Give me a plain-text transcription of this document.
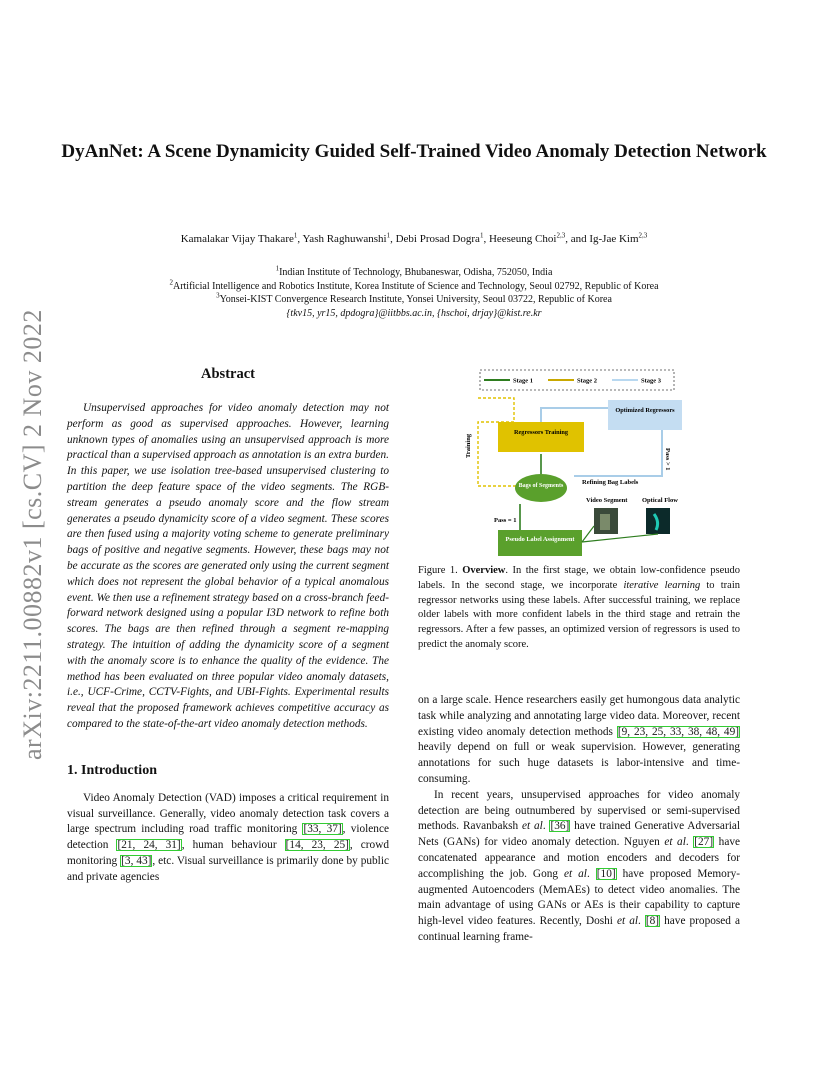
arXiv:2211.00882v1 [cs.CV] 2 Nov 2022
DyAnNet: A Scene Dynamicity Guided Self-Trained Video Anomaly Detection Network
Kamalakar Vijay Thakare$^1$, Yash Raghuwanshi$^1$, Debi Prosad Dogra$^1$, Heeseung Choi$^{2,3}$, and Ig-Jae Kim$^{2,3}$
$^1$Indian Institute of Technology, Bhubaneswar, Odisha, 752050, India
$^2$Artificial Intelligence and Robotics Institute, Korea Institute of Science and Technology, Seoul 02792, Republic of Korea
$^3$Yonsei-KIST Convergence Research Institute, Yonsei University, Seoul 03722, Republic of Korea
{tkv15, yr15, dpdogra}@iitbbs.ac.in, {hschoi, drjay}@kist.re.kr
Abstract

Unsupervised approaches for video anomaly detection may not perform as good as supervised approaches. However, learning unknown types of anomalies using an unsupervised approach is more practical than a supervised approach as annotation is an extra burden. In this paper, we use isolation tree-based unsupervised clustering to partition the deep feature space of the video segments. The RGB- stream generates a pseudo anomaly score and the flow stream generates a pseudo dynamicity score of a video segment. These scores are then fused using a majority voting scheme to generate preliminary bags of positive and negative segments. However, these bags may not be accurate as the scores are generated only using the current segment which does not represent the global behavior of a typical anomalous event. We then use a refinement strategy based on a cross-branch feed-forward network designed using a popular I3D network to refine both scores. The bags are then refined through a segment re-mapping strategy. The intuition of adding the dynamicity score of a segment with the anomaly score is to enhance the quality of the evidence. The method has been evaluated on three popular video anomaly datasets, i.e., UCF-Crime, CCTV-Fights, and UBI-Fights. Experimental results reveal that the proposed framework achieves competitive accuracy as compared to the state-of-the-art video anomaly detection methods.

1. Introduction

Video Anomaly Detection (VAD) imposes a critical requirement in visual surveillance. Generally, video anomaly detection task covers a large spectrum including road traffic monitoring [33, 37], violence detection [21, 24, 31], human behaviour [14, 23, 25], crowd monitoring [3, 43], etc. Visual surveillance is primarily done by public and private agencies

Stage 1	Stage 2	Stage 3
Optimized Regressors
Training
Regressors Training
Pass > 1
Refining Bag Labels
Bags of Segments
Video Segment Optical Flow
Pseudo Label Assignment
Pass = 1
Figure 1. Overview. In the first stage, we obtain low-confidence pseudo labels. In the second stage, we incorporate iterative learning to train regressor networks using these labels. After successful training, we replace older labels with more confident labels in the third stage and retrain the regressors. After a few passes, an optimized version of regressors is used to predict the anomaly score.

on a large scale. Hence researchers easily get humongous data analytic task while analyzing and annotating large video data. Moreover, recent existing video anomaly detection methods [9, 23, 25, 33, 38, 48, 49] heavily depend on full or weak supervision. However, generating annotations for such huge datasets is labor-intensive and time-consuming.

In recent years, unsupervised approaches for video anomaly detection are being outnumbered by supervised or semi-supervised methods. Ravanbaksh et al. [36] have trained Generative Adversarial Nets (GANs) for video anomaly detection. Nguyen et al. [27] have concatenated appearance and motion encoders and decoders for accomplishing the job. Gong et al. [10] have proposed Memory-augmented Autoencoders (MemAEs) to detect video anomalies. The main advantage of using GANs or AEs is their capability to capture high-level video features. Recently, Doshi et al. [8] have proposed a continual learning frame-
